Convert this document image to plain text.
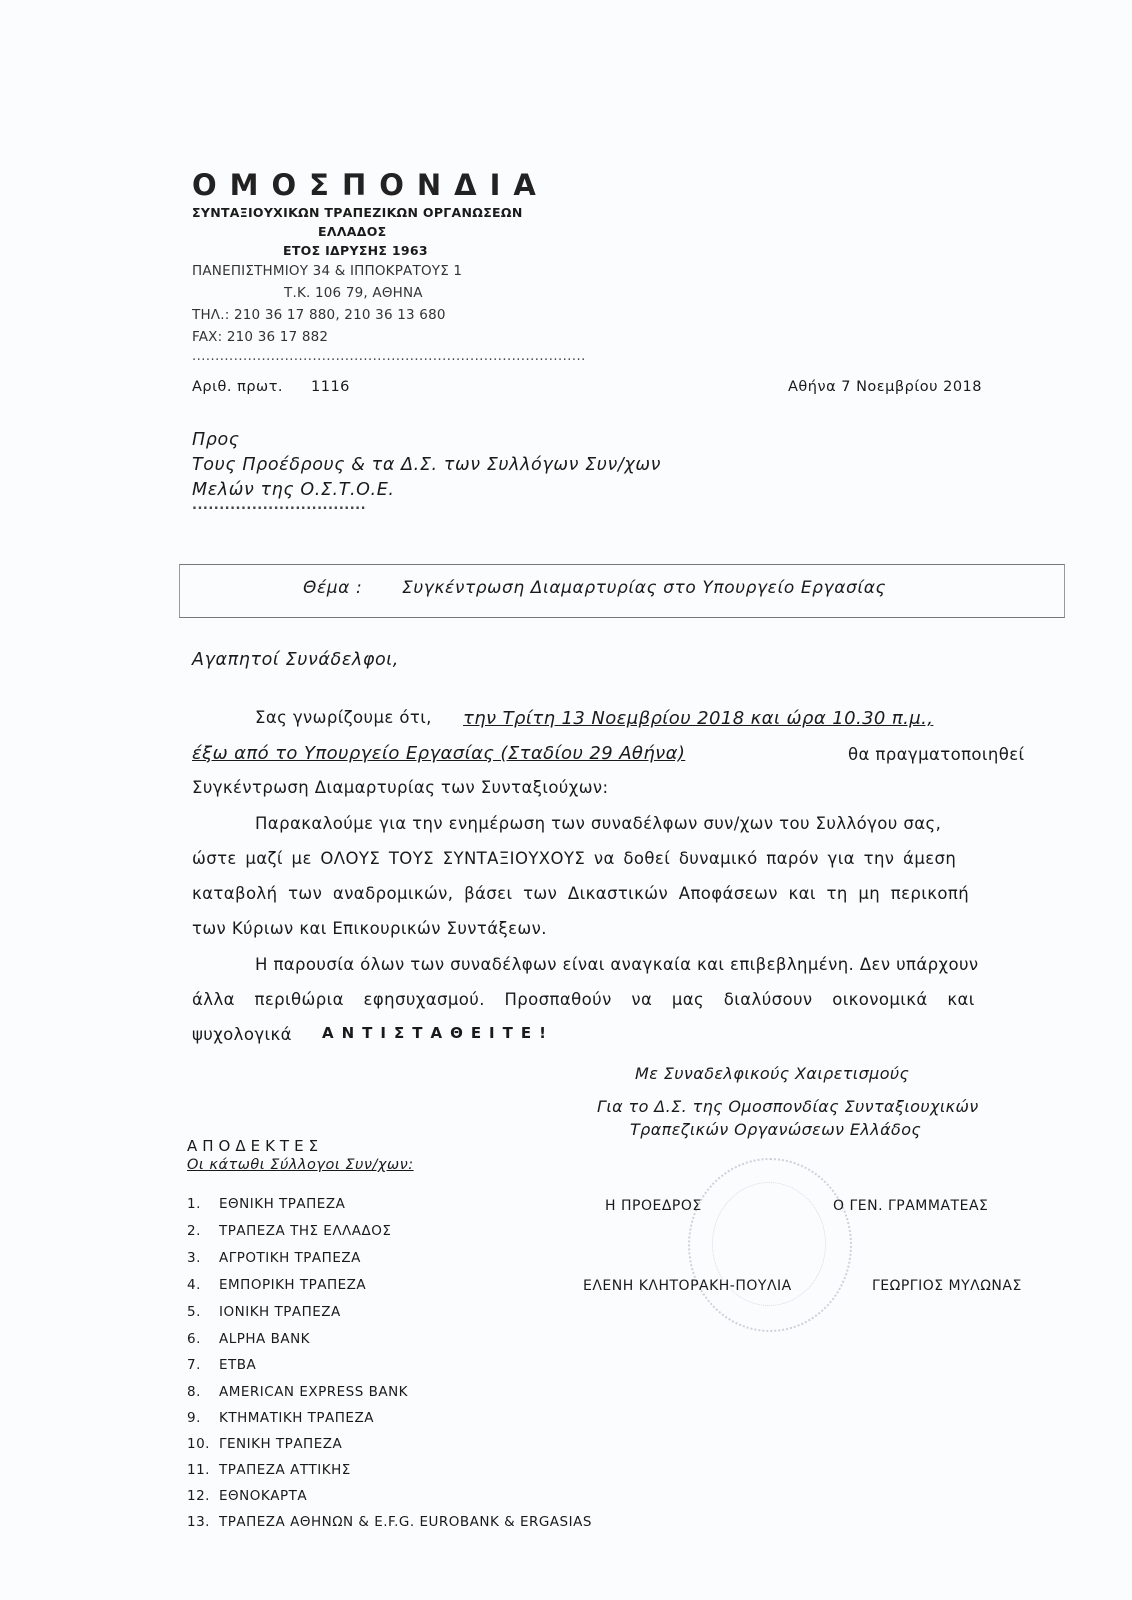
ΟΜΟΣΠΟΝΔΙΑ
ΣΥΝΤΑΞΙΟΥΧΙΚΩΝ ΤΡΑΠΕΖΙΚΩΝ ΟΡΓΑΝΩΣΕΩΝ
ΕΛΛΑΔΟΣ
ΕΤΟΣ ΙΔΡΥΣΗΣ 1963
ΠΑΝΕΠΙΣΤΗΜΙΟΥ 34 & ΙΠΠΟΚΡΑΤΟΥΣ 1
Τ.Κ. 106 79, ΑΘΗΝΑ
ΤΗΛ.: 210 36 17 880, 210 36 13 680
FAX: 210 36 17 882
.....................................................................................
Αριθ. πρωτ. 1116	Αθήνα 7 Νοεμβρίου 2018
Προς
Τους Προέδρους & τα Δ.Σ. των Συλλόγων Συν/χων
Μελών της Ο.Σ.Τ.Ο.Ε.
................................
Θέμα : Συγκέντρωση Διαμαρτυρίας στο Υπουργείο Εργασίας
Αγαπητοί Συνάδελφοι,
Σας γνωρίζουμε ότι, την Τρίτη 13 Νοεμβρίου 2018 και ώρα 10.30 π.μ.,
έξω από το Υπουργείο Εργασίας (Σταδίου 29 Αθήνα)	θα πραγματοποιηθεί
Συγκέντρωση Διαμαρτυρίας των Συνταξιούχων:
Παρακαλούμε για την ενημέρωση των συναδέλφων συν/χων του Συλλόγου σας,
ώστε μαζί με ΟΛΟΥΣ ΤΟΥΣ ΣΥΝΤΑΞΙΟΥΧΟΥΣ να δοθεί δυναμικό παρόν για την άμεση
καταβολή των αναδρομικών, βάσει των Δικαστικών Αποφάσεων και τη μη περικοπή
των Κύριων και Επικουρικών Συντάξεων.
Η παρουσία όλων των συναδέλφων είναι αναγκαία και επιβεβλημένη. Δεν υπάρχουν
άλλα περιθώρια εφησυχασμού. Προσπαθούν να μας διαλύσουν οικονομικά και
ψυχολογικά ΑΝΤΙΣΤΑΘΕΙΤΕ!
Με Συναδελφικούς Χαιρετισμούς
Για το Δ.Σ. της Ομοσπονδίας Συνταξιουχικών
Τραπεζικών Οργανώσεων Ελλάδος
Η ΠΡΟΕΔΡΟΣ	Ο ΓΕΝ. ΓΡΑΜΜΑΤΕΑΣ
ΕΛΕΝΗ ΚΛΗΤΟΡΑΚΗ-ΠΟΥΛΙΑ	ΓΕΩΡΓΙΟΣ ΜΥΛΩΝΑΣ
ΑΠΟΔΕΚΤΕΣ
Οι κάτωθι Σύλλογοι Συν/χων:
1. ΕΘΝΙΚΗ ΤΡΑΠΕΖΑ
2. ΤΡΑΠΕΖΑ ΤΗΣ ΕΛΛΑΔΟΣ
3. ΑΓΡΟΤΙΚΗ ΤΡΑΠΕΖΑ
4. ΕΜΠΟΡΙΚΗ ΤΡΑΠΕΖΑ
5. ΙΟΝΙΚΗ ΤΡΑΠΕΖΑ
6. ALPHA BANK
7. ΕΤΒΑ
8. AMERICAN EXPRESS BANK
9. ΚΤΗΜΑΤΙΚΗ ΤΡΑΠΕΖΑ
10. ΓΕΝΙΚΗ ΤΡΑΠΕΖΑ
11. ΤΡΑΠΕΖΑ ΑΤΤΙΚΗΣ
12. ΕΘΝΟΚΑΡΤΑ
13. ΤΡΑΠΕΖΑ ΑΘΗΝΩΝ & E.F.G. EUROBANK & ERGASIAS
